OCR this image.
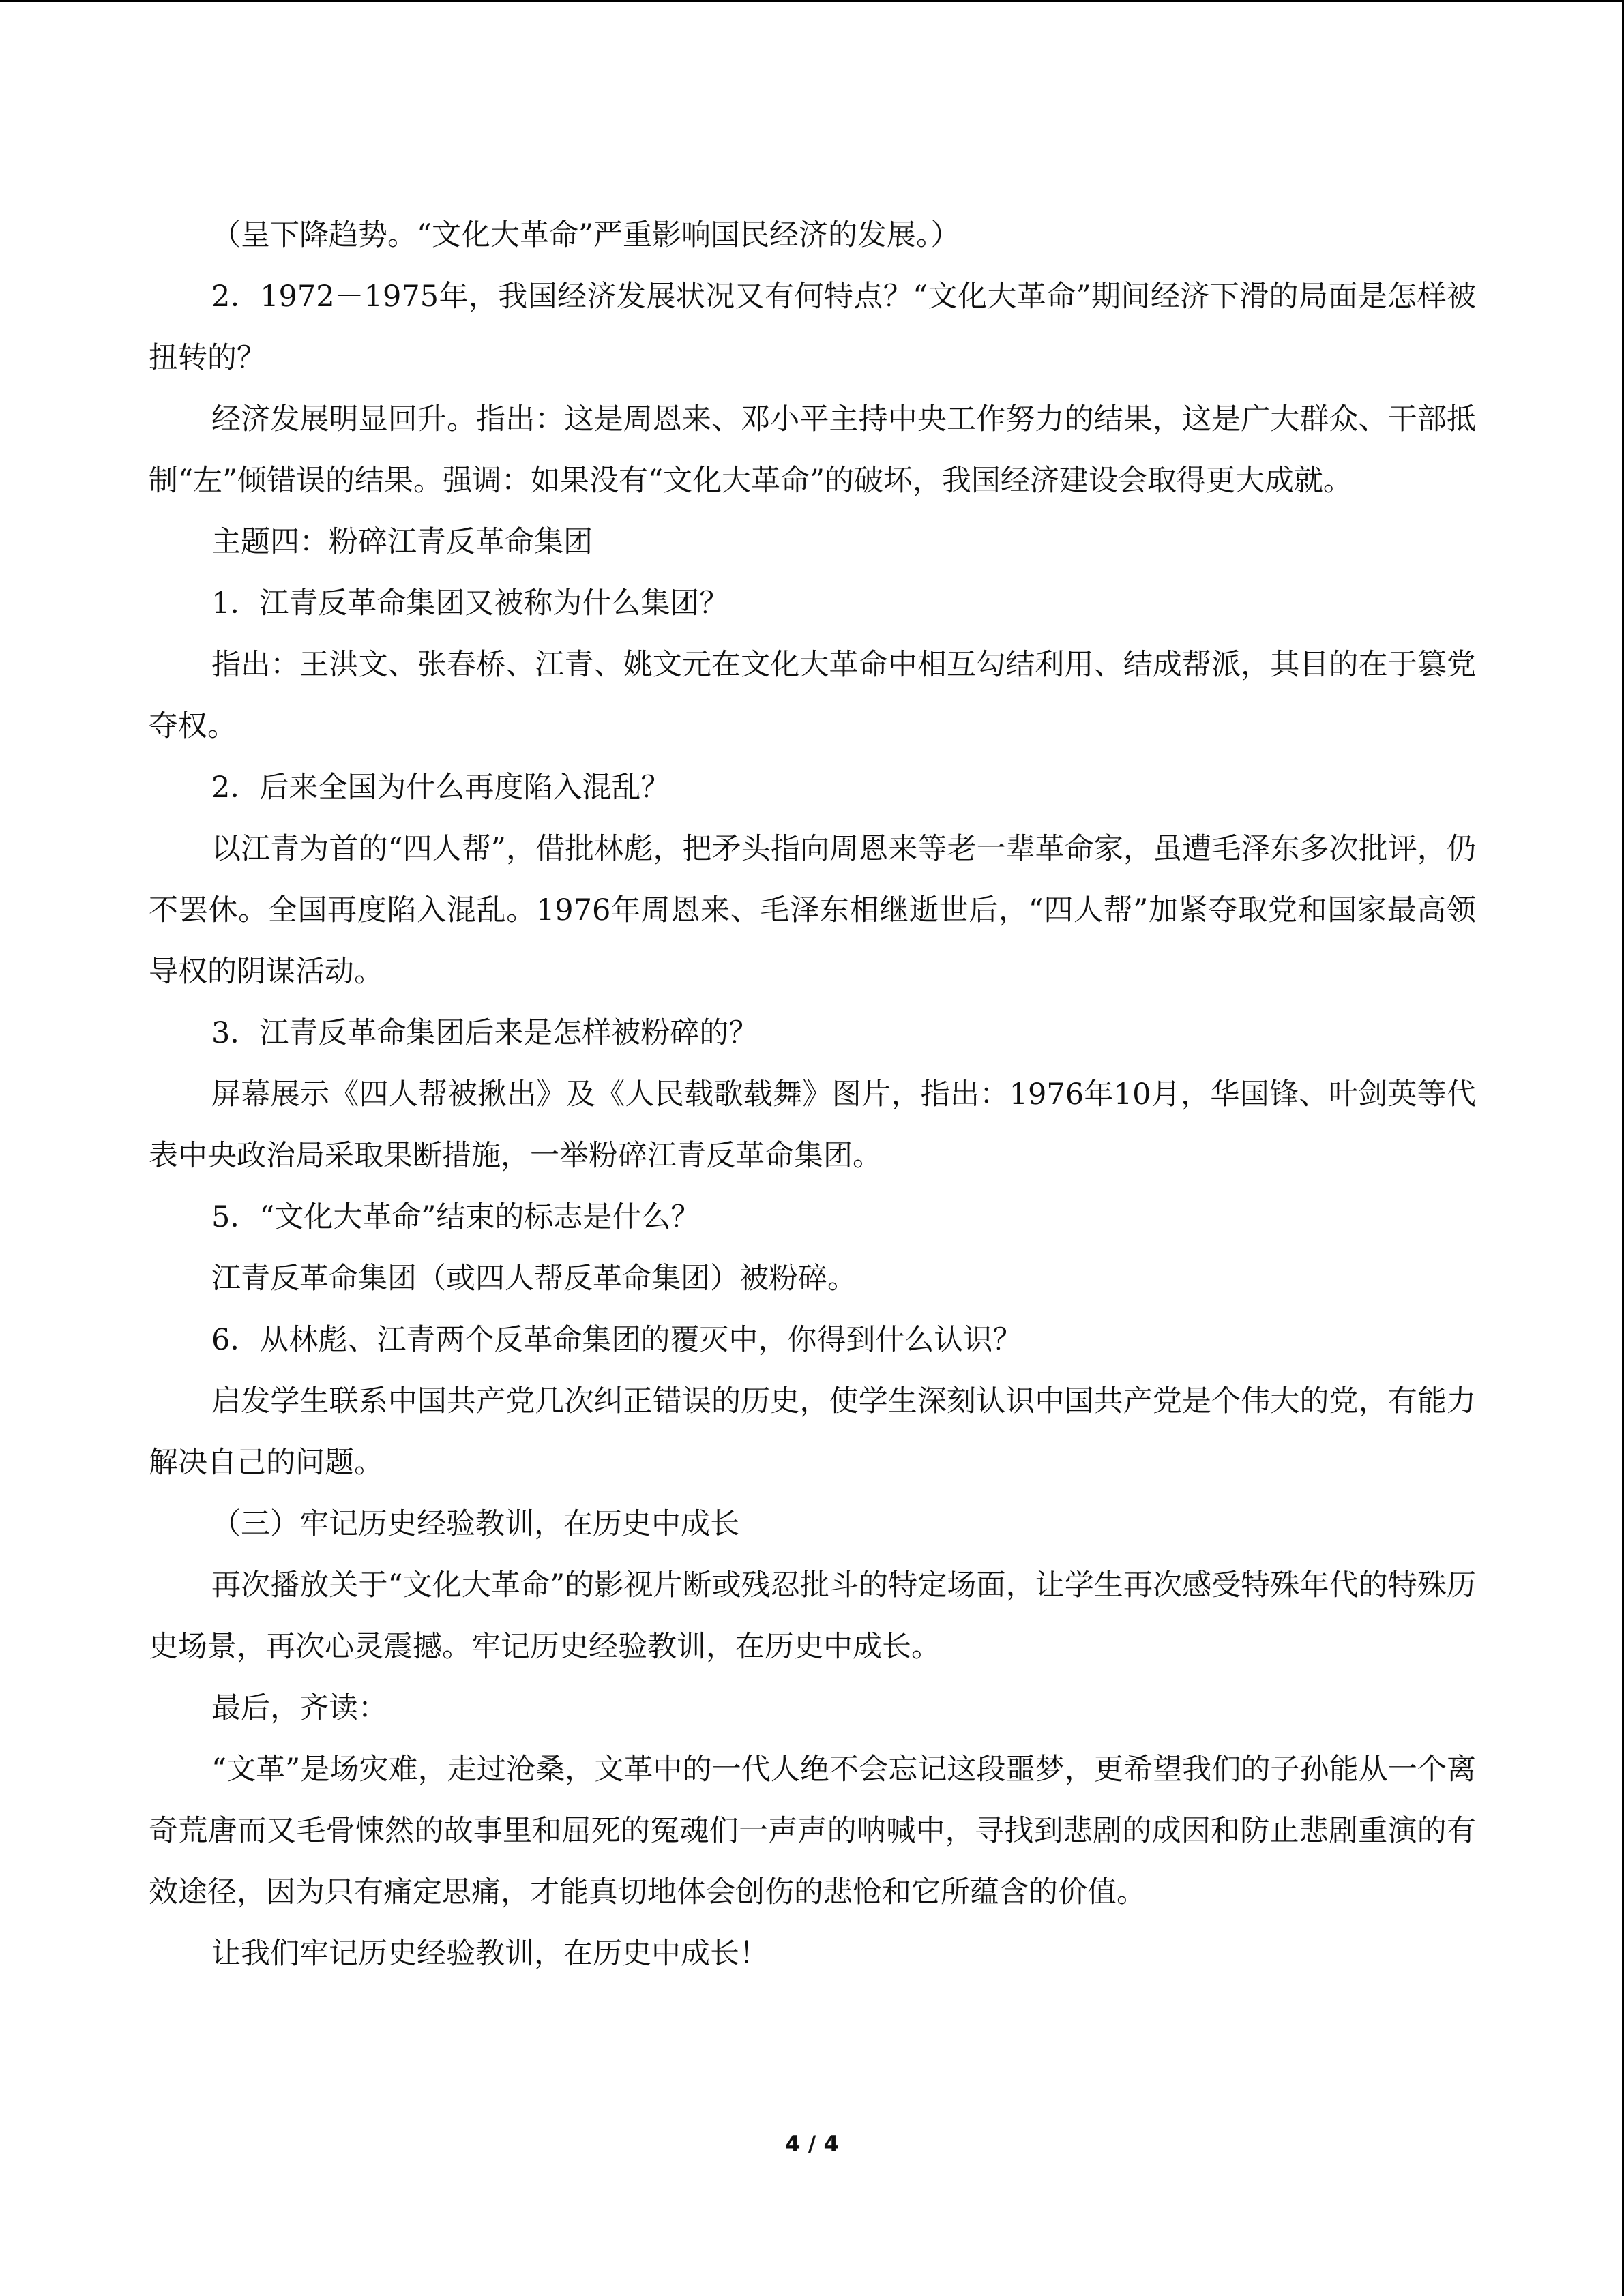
（呈下降趋势。“文化大革命”严重影响国民经济的发展。）

2．1972－1975年，我国经济发展状况又有何特点？“文化大革命”期间经济下滑的局面是怎样被扭转的？

经济发展明显回升。指出：这是周恩来、邓小平主持中央工作努力的结果，这是广大群众、干部抵制“左”倾错误的结果。强调：如果没有“文化大革命”的破坏，我国经济建设会取得更大成就。

主题四：粉碎江青反革命集团

1．江青反革命集团又被称为什么集团？

指出：王洪文、张春桥、江青、姚文元在文化大革命中相互勾结利用、结成帮派，其目的在于篡党夺权。

2．后来全国为什么再度陷入混乱？

以江青为首的“四人帮”，借批林彪，把矛头指向周恩来等老一辈革命家，虽遭毛泽东多次批评，仍不罢休。全国再度陷入混乱。1976年周恩来、毛泽东相继逝世后，“四人帮”加紧夺取党和国家最高领导权的阴谋活动。

3．江青反革命集团后来是怎样被粉碎的？

屏幕展示《四人帮被揪出》及《人民载歌载舞》图片，指出：1976年10月，华国锋、叶剑英等代表中央政治局采取果断措施，一举粉碎江青反革命集团。

5．“文化大革命”结束的标志是什么？

江青反革命集团（或四人帮反革命集团）被粉碎。

6．从林彪、江青两个反革命集团的覆灭中，你得到什么认识？

启发学生联系中国共产党几次纠正错误的历史，使学生深刻认识中国共产党是个伟大的党，有能力解决自己的问题。

（三）牢记历史经验教训，在历史中成长

再次播放关于“文化大革命”的影视片断或残忍批斗的特定场面，让学生再次感受特殊年代的特殊历史场景，再次心灵震撼。牢记历史经验教训，在历史中成长。

最后，齐读：

“文革”是场灾难，走过沧桑，文革中的一代人绝不会忘记这段噩梦，更希望我们的子孙能从一个离奇荒唐而又毛骨悚然的故事里和屈死的冤魂们一声声的呐喊中，寻找到悲剧的成因和防止悲剧重演的有效途径，因为只有痛定思痛，才能真切地体会创伤的悲怆和它所蕴含的价值。

让我们牢记历史经验教训，在历史中成长！

4 / 4
